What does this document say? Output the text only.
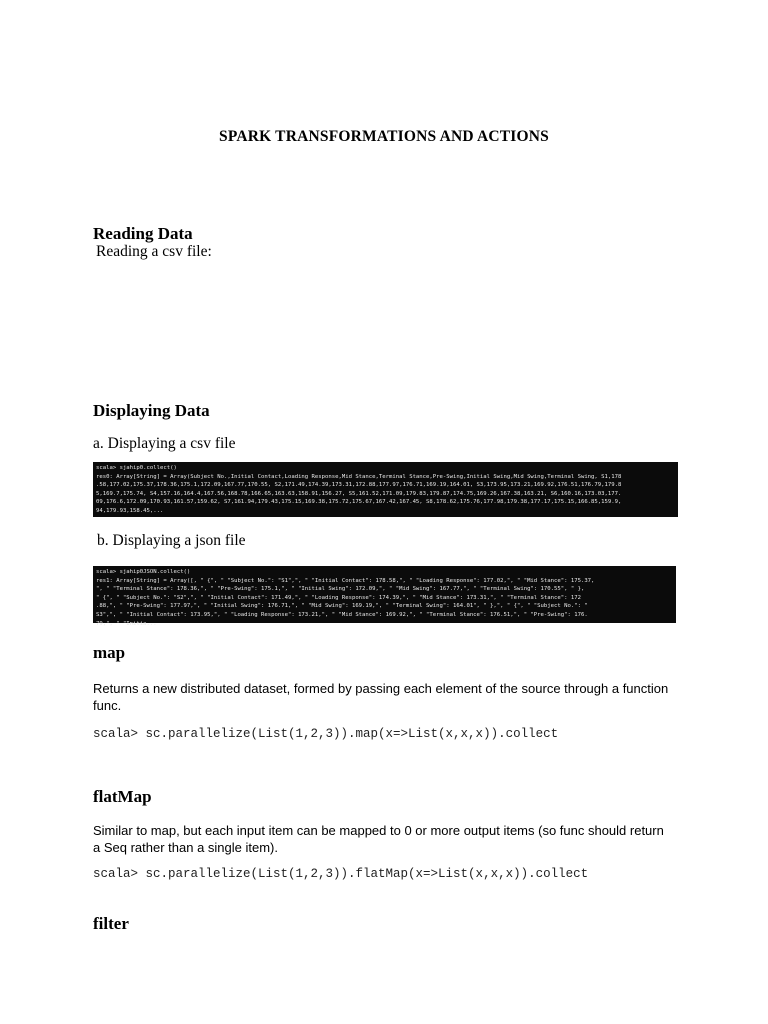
SPARK TRANSFORMATIONS AND ACTIONS
Reading Data
Reading a csv file:
Displaying Data
a. Displaying a csv file
scala> sjahip0.collect()
res0: Array[String] = Array(Subject No.,Initial Contact,Loading Response,Mid Stance,Terminal Stance,Pre-Swing,Initial Swing,Mid Swing,Terminal Swing, S1,178
.58,177.02,175.37,178.36,175.1,172.09,167.77,170.55, S2,171.49,174.39,173.31,172.88,177.97,176.71,169.19,164.01, S3,173.95,173.21,169.92,176.51,176.79,179.8
5,169.7,175.74, S4,157.16,164.4,167.56,168.78,166.65,163.63,158.91,156.27, S5,161.52,171.09,179.83,179.87,174.75,169.26,167.38,163.21, S6,160.16,173.03,177.
09,176.6,172.09,170.93,161.57,159.62, S7,161.94,179.43,175.15,169.38,175.72,175.67,167.42,167.45, S8,178.62,175.76,177.98,179.38,177.17,175.15,166.85,159.9,
94,179.93,158.45,...
b. Displaying a json file
scala> sjahip0JSON.collect()
res1: Array[String] = Array([, " {", " "Subject No.": "S1",", " "Initial Contact": 178.58,", " "Loading Response": 177.02,", " "Mid Stance": 175.37,
", " "Terminal Stance": 178.36,", " "Pre-Swing": 175.1,", " "Initial Swing": 172.09,", " "Mid Swing": 167.77,", " "Terminal Swing": 170.55", " },
" {", " "Subject No.": "S2",", " "Initial Contact": 171.49,", " "Loading Response": 174.39,", " "Mid Stance": 173.31,", " "Terminal Stance": 172
.88,", " "Pre-Swing": 177.97,", " "Initial Swing": 176.71,", " "Mid Swing": 169.19,", " "Terminal Swing": 164.01", " },", " {", " "Subject No.": "
S3",", " "Initial Contact": 173.95,", " "Loading Response": 173.21,", " "Mid Stance": 169.92,", " "Terminal Stance": 176.51,", " "Pre-Swing": 176.
79,", " "Initia...
map
Returns a new distributed dataset, formed by passing each element of the source through a function
func.
scala> sc.parallelize(List(1,2,3)).map(x=>List(x,x,x)).collect
flatMap
Similar to map, but each input item can be mapped to 0 or more output items (so func should return
a Seq rather than a single item).
scala> sc.parallelize(List(1,2,3)).flatMap(x=>List(x,x,x)).collect
filter
